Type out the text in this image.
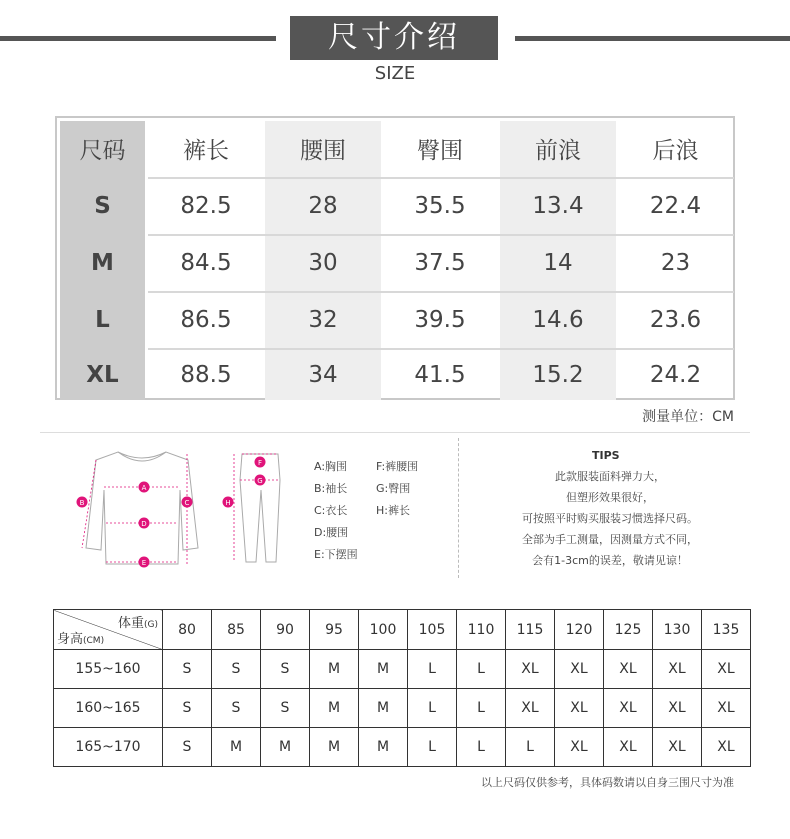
尺寸介绍
SIZE
尺码	裤长	腰围	臀围	前浪	后浪
S	82.5	28	35.5	13.4	22.4
M	84.5	30	37.5	14	23
L	86.5	32	39.5	14.6	23.6
XL	88.5	34	41.5	15.2	24.2
测量单位：CM
A
B	C
D
E
F
G
H
A:胸围
B:袖长
C:衣长
D:腰围
E:下摆围
F:裤腰围
G:臀围
H:裤长
TIPS
此款服装面料弹力大，
但塑形效果很好，
可按照平时购买服装习惯选择尺码。
全部为手工测量，因测量方式不同，
会有1-3cm的误差，敬请见谅！
体重(G)
身高(CM)	80	85	90	95	100	105	110	115	120	125	130	135
155~160	S	S	S	M	M	L	L	XL	XL	XL	XL	XL
160~165	S	S	S	M	M	L	L	XL	XL	XL	XL	XL
165~170	S	M	M	M	M	L	L	L	XL	XL	XL	XL
以上尺码仅供参考，具体码数请以自身三围尺寸为准
